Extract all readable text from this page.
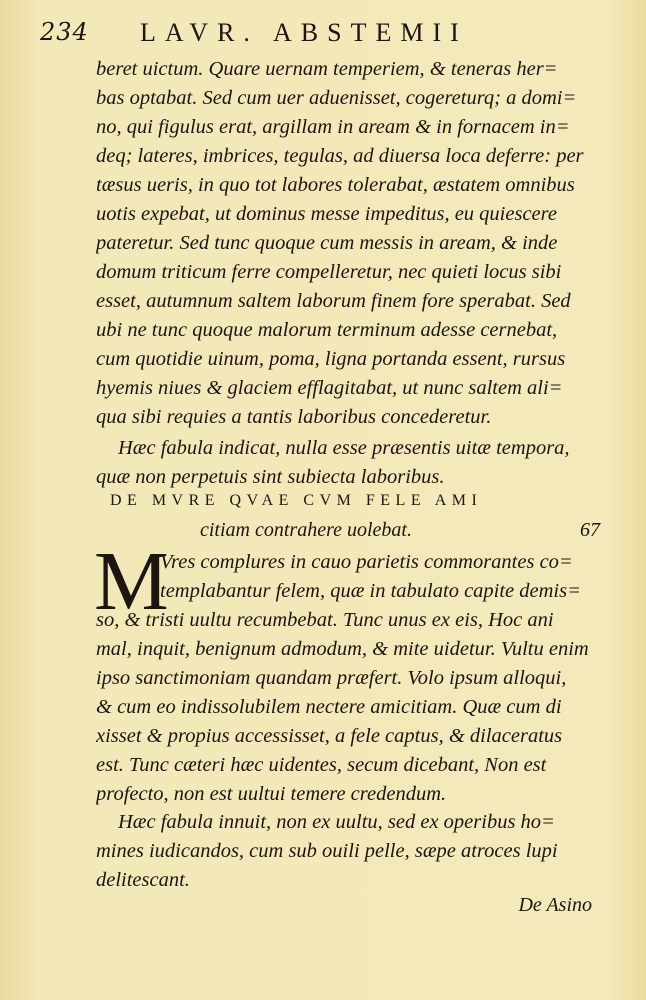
234 LAVR. ABSTEMII
beret uictum. Quare uernam temperiem, & teneras her=
bas optabat. Sed cum uer aduenisset, cogereturq; a domi=
no, qui figulus erat, argillam in aream & in fornacem in=
deq; lateres, imbrices, tegulas, ad diuersa loca deferre: per
tæsus ueris, in quo tot labores tolerabat, æstatem omnibus
uotis expebat, ut dominus messe impeditus, eu quiescere
pateretur. Sed tunc quoque cum messis in aream, & inde
domum triticum ferre compelleretur, nec quieti locus sibi
esset, autumnum saltem laborum finem fore sperabat. Sed
ubi ne tunc quoque malorum terminum adesse cernebat,
cum quotidie uinum, poma, ligna portanda essent, rursus
hyemis niues & glaciem efflagitabat, ut nunc saltem ali=
qua sibi requies a tantis laboribus concederetur.
Hæc fabula indicat, nulla esse præsentis uitæ tempora,
quæ non perpetuis sint subiecta laboribus.
DE MVRE QVAE CVM FELE AMI
citiam contrahere uolebat.	67
M
Vres complures in cauo parietis commorantes co=
templabantur felem, quæ in tabulato capite demis=
so, & tristi uultu recumbebat. Tunc unus ex eis, Hoc ani
mal, inquit, benignum admodum, & mite uidetur. Vultu enim
ipso sanctimoniam quandam præfert. Volo ipsum alloqui,
& cum eo indissolubilem nectere amicitiam. Quæ cum di
xisset & propius accessisset, a fele captus, & dilaceratus
est. Tunc cæteri hæc uidentes, secum dicebant, Non est
profecto, non est uultui temere credendum.
Hæc fabula innuit, non ex uultu, sed ex operibus ho=
mines iudicandos, cum sub ouili pelle, sæpe atroces lupi
delitescant.
De Asino
